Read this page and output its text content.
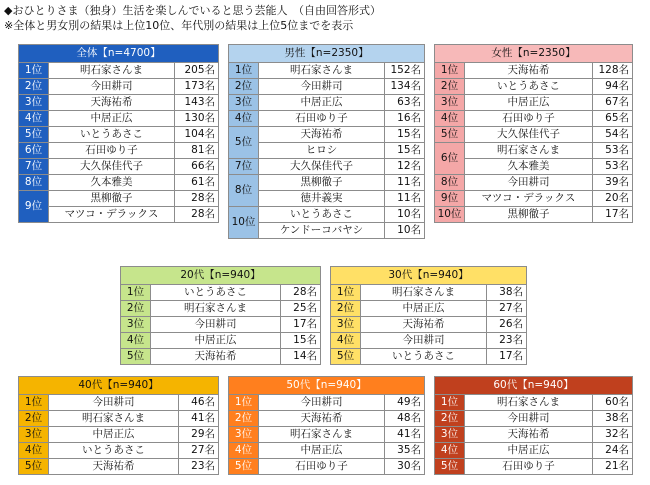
◆おひとりさま（独身）生活を楽しんでいると思う芸能人　（自由回答形式）
※全体と男女別の結果は上位10位、年代別の結果は上位5位までを表示
全体【n=4700】		
1位	明石家さんま	205名
2位	今田耕司	173名
3位	天海祐希	143名
4位	中居正広	130名
5位	いとうあさこ	104名
6位	石田ゆり子	81名
7位	大久保佳代子	66名
8位	久本雅美	61名
9位	黒柳徹子	28名
	マツコ・デラックス	28名
男性【n=2350】		
1位	明石家さんま	152名
2位	今田耕司	134名
3位	中居正広	63名
4位	石田ゆり子	16名
5位	天海祐希	15名
	ヒロシ	15名
7位	大久保佳代子	12名
8位	黒柳徹子	11名
	徳井義実	11名
10位	いとうあさこ	10名
	ケンドーコバヤシ	10名
女性【n=2350】		
1位	天海祐希	128名
2位	いとうあさこ	94名
3位	中居正広	67名
4位	石田ゆり子	65名
5位	大久保佳代子	54名
6位	明石家さんま	53名
	久本雅美	53名
8位	今田耕司	39名
9位	マツコ・デラックス	20名
10位	黒柳徹子	17名
20代【n=940】		
1位	いとうあさこ	28名
2位	明石家さんま	25名
3位	今田耕司	17名
4位	中居正広	15名
5位	天海祐希	14名
30代【n=940】		
1位	明石家さんま	38名
2位	中居正広	27名
3位	天海祐希	26名
4位	今田耕司	23名
5位	いとうあさこ	17名
40代【n=940】		
1位	今田耕司	46名
2位	明石家さんま	41名
3位	中居正広	29名
4位	いとうあさこ	27名
5位	天海祐希	23名
50代【n=940】		
1位	今田耕司	49名
2位	天海祐希	48名
3位	明石家さんま	41名
4位	中居正広	35名
5位	石田ゆり子	30名
60代【n=940】		
1位	明石家さんま	60名
2位	今田耕司	38名
3位	天海祐希	32名
4位	中居正広	24名
5位	石田ゆり子	21名
